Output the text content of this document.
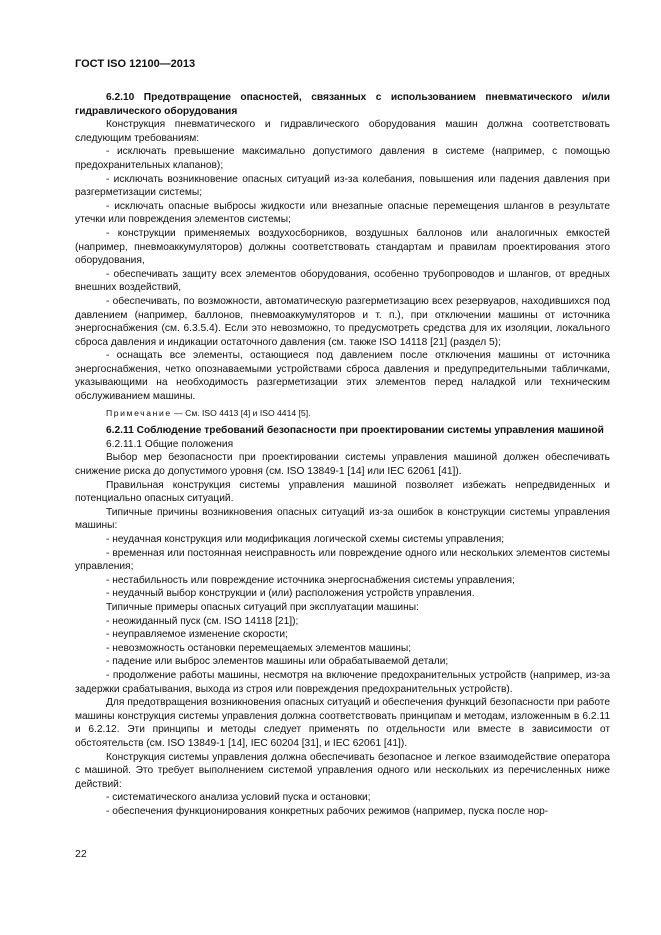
ГОСТ ISO 12100—2013

6.2.10 Предотвращение опасностей, связанных с использованием пневматического и/или гидравлического оборудования

Конструкция пневматического и гидравлического оборудования машин должна соответствовать следующим требованиям:

- исключать превышение максимально допустимого давления в системе (например, с помощью предохранительных клапанов);

- исключать возникновение опасных ситуаций из-за колебания, повышения или падения давления при разгерметизации системы;

- исключать опасные выбросы жидкости или внезапные опасные перемещения шлангов в результате утечки или повреждения элементов системы;

- конструкции применяемых воздухосборников, воздушных баллонов или аналогичных емкостей (например, пневмоаккумуляторов) должны соответствовать стандартам и правилам проектирования этого оборудования,

- обеспечивать защиту всех элементов оборудования, особенно трубопроводов и шлангов, от вредных внешних воздействий,

- обеспечивать, по возможности, автоматическую разгерметизацию всех резервуаров, находившихся под давлением (например, баллонов, пневмоаккумуляторов и т. п.), при отключении машины от источника энергоснабжения (см. 6.3.5.4). Если это невозможно, то предусмотреть средства для их изоляции, локального сброса давления и индикации остаточного давления (см. также ISO 14118 [21] (раздел 5);

- оснащать все элементы, остающиеся под давлением после отключения машины от источника энергоснабжения, четко опознаваемыми устройствами сброса давления и предупредительными табличками, указывающими на необходимость разгерметизации этих элементов перед наладкой или техническим обслуживанием машины.

Примечание — См. ISO 4413 [4] и ISO 4414 [5].

6.2.11 Соблюдение требований безопасности при проектировании системы управления машиной

6.2.11.1 Общие положения

Выбор мер безопасности при проектировании системы управления машиной должен обеспечивать снижение риска до допустимого уровня (см. ISO 13849-1 [14] или IEC 62061 [41]).

Правильная конструкция системы управления машиной позволяет избежать непредвиденных и потенциально опасных ситуаций.

Типичные причины возникновения опасных ситуаций из-за ошибок в конструкции системы управления машины:

- неудачная конструкция или модификация логической схемы системы управления;

- временная или постоянная неисправность или повреждение одного или нескольких элементов системы управления;

- нестабильность или повреждение источника энергоснабжения системы управления;

- неудачный выбор конструкции и (или) расположения устройств управления.

Типичные примеры опасных ситуаций при эксплуатации машины:

- неожиданный пуск (см. ISO 14118 [21]);

- неуправляемое изменение скорости;

- невозможность остановки перемещаемых элементов машины;

- падение или выброс элементов машины или обрабатываемой детали;

- продолжение работы машины, несмотря на включение предохранительных устройств (например, из-за задержки срабатывания, выхода из строя или повреждения предохранительных устройств).

Для предотвращения возникновения опасных ситуаций и обеспечения функций безопасности при работе машины конструкция системы управления должна соответствовать принципам и методам, изложенным в 6.2.11 и 6.2.12. Эти принципы и методы следует применять по отдельности или вместе в зависимости от обстоятельств (см. ISO 13849-1 [14], IEC 60204 [31], и IEC 62061 [41]).

Конструкция системы управления должна обеспечивать безопасное и легкое взаимодействие оператора с машиной. Это требует выполнением системой управления одного или нескольких из перечисленных ниже действий:

- систематического анализа условий пуска и остановки;

- обеспечения функционирования конкретных рабочих режимов (например, пуска после нор-

22
